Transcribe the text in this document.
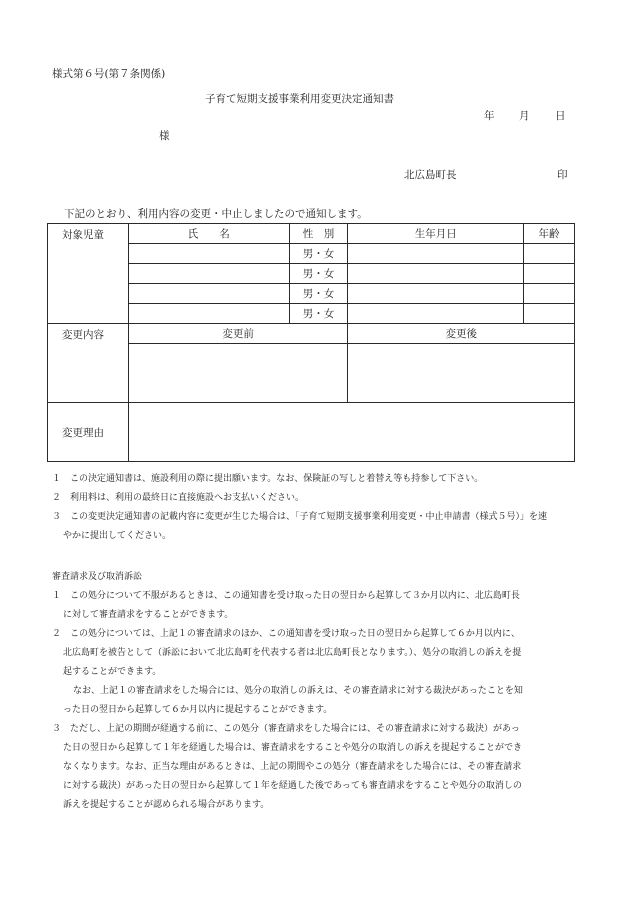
様式第６号(第７条関係)
子育て短期支援事業利用変更決定通知書
年 月 日
様
北広島町長	印
下記のとおり、利用内容の変更・中止しましたので通知します。
対象児童	氏　　名	性　別	生年月日	年齢
		男・女		
		男・女		
		男・女		
		男・女		
変更内容	変更前		変更後	

変更理由				

１　この決定通知書は、施設利用の際に提出願います。なお、保険証の写しと着替え等も持参して下さい。

２　利用料は、利用の最終日に直接施設へお支払いください。

３　この変更決定通知書の記載内容に変更が生じた場合は、「子育て短期支援事業利用変更・中止申請書（様式５号）」を速

やかに提出してください。

審査請求及び取消訴訟

１　この処分について不服があるときは、この通知書を受け取った日の翌日から起算して３か月以内に、北広島町長

に対して審査請求をすることができます。

２　この処分については、上記１の審査請求のほか、この通知書を受け取った日の翌日から起算して６か月以内に、

北広島町を被告として（訴訟において北広島町を代表する者は北広島町長となります。）、処分の取消しの訴えを提

起することができます。

なお、上記１の審査請求をした場合には、処分の取消しの訴えは、その審査請求に対する裁決があったことを知

った日の翌日から起算して６か月以内に提起することができます。

３　ただし、上記の期間が経過する前に、この処分（審査請求をした場合には、その審査請求に対する裁決）があっ

た日の翌日から起算して１年を経過した場合は、審査請求をすることや処分の取消しの訴えを提起することができ

なくなります。なお、正当な理由があるときは、上記の期間やこの処分（審査請求をした場合には、その審査請求

に対する裁決）があった日の翌日から起算して１年を経過した後であっても審査請求をすることや処分の取消しの

訴えを提起することが認められる場合があります。
